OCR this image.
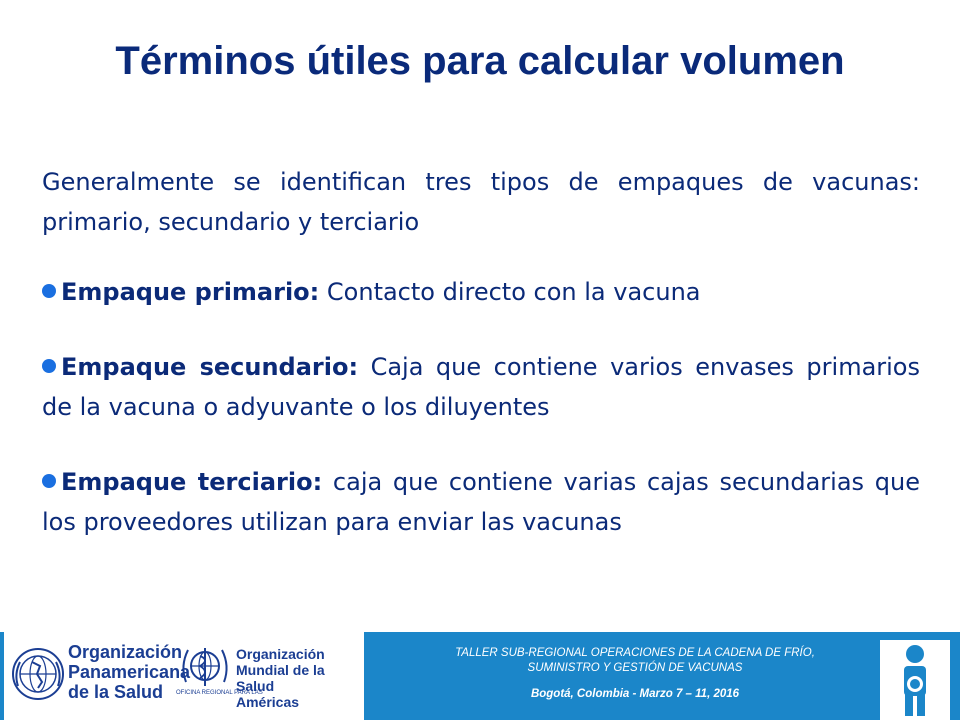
Términos útiles para calcular volumen

Generalmente se identifican tres tipos de empaques de vacunas: primario, secundario y terciario

Empaque primario: Contacto directo con la vacuna

Empaque secundario: Caja que contiene varios envases primarios de la vacuna o adyuvante o los diluyentes

Empaque terciario: caja que contiene varias cajas secundarias que los proveedores utilizan para enviar las vacunas

Organización
Panamericana
de la Salud
Organización
Mundial de la Salud
Américas
OFICINA REGIONAL PARA LAS
TALLER SUB-REGIONAL OPERACIONES DE LA CADENA DE FRÍO,
SUMINISTRO Y GESTIÓN DE VACUNAS
Bogotá, Colombia - Marzo 7 – 11, 2016
